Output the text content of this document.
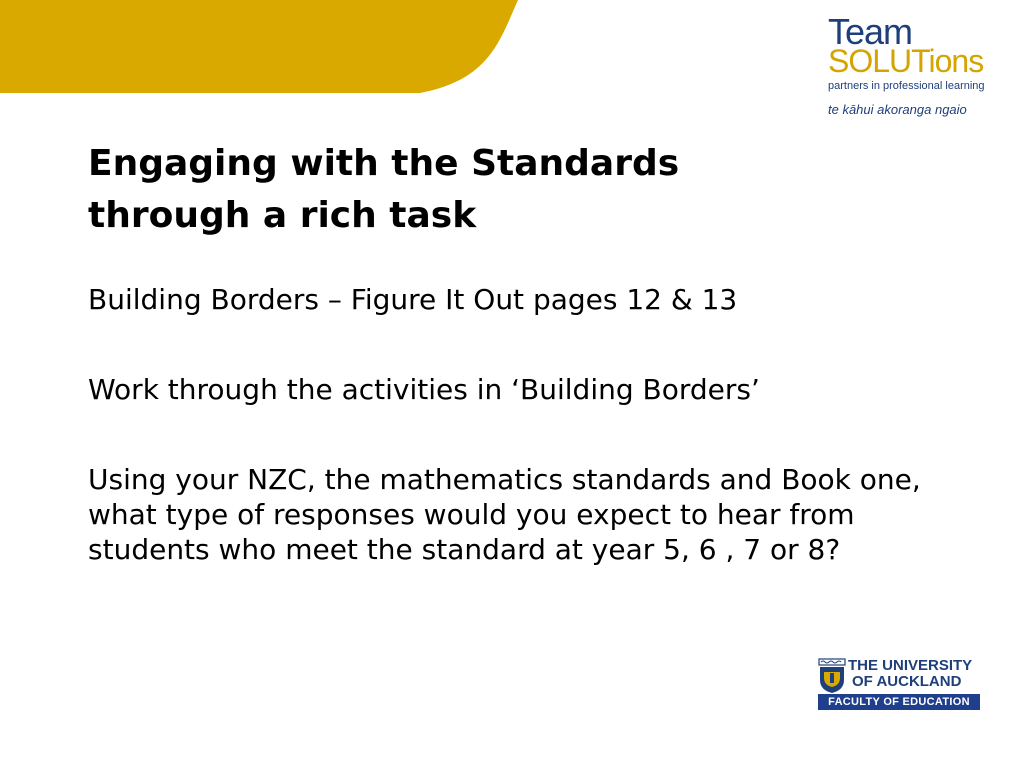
Team
SOLUTions
partners in professional learning
te kāhui akoranga ngaio
Engaging with the Standards
through a rich task

Building Borders – Figure It Out pages 12 & 13

Work through the activities in ‘Building Borders’

Using your NZC, the mathematics standards and Book one, what type of responses would you expect to hear from students who meet the standard at year 5, 6 , 7 or 8?

THE UNIVERSITY
OF AUCKLAND
FACULTY OF EDUCATION
